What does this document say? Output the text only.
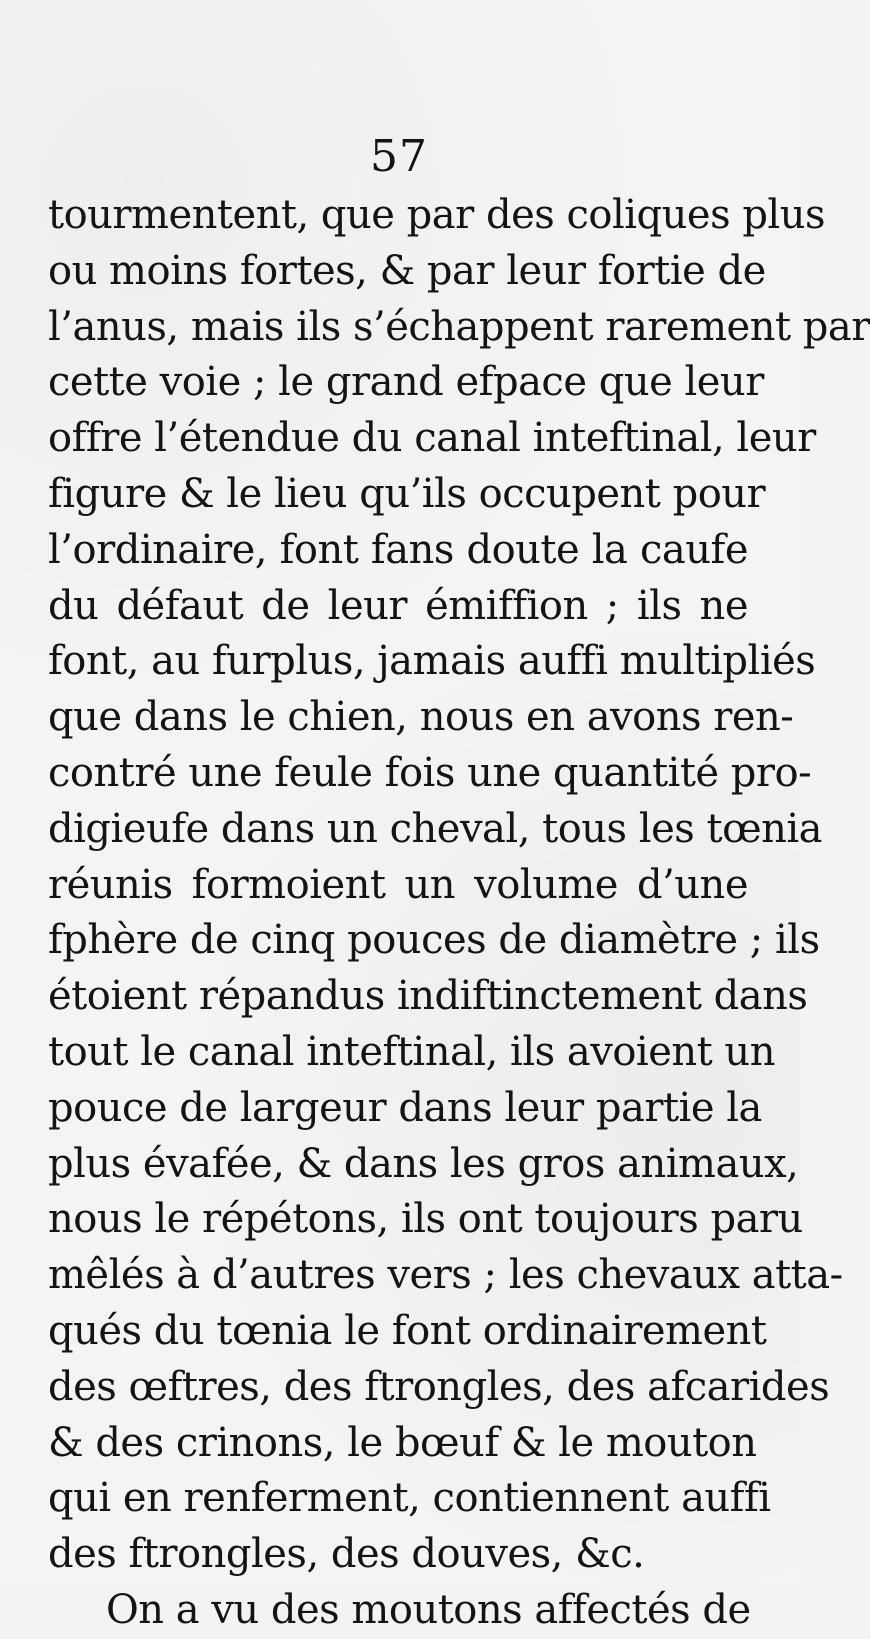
57
tourmentent, que par des coliques plus
ou moins fortes, & par leur fortie de
l’anus, mais ils s’échappent rarement par
cette voie ; le grand efpace que leur
offre l’étendue du canal inteftinal, leur
figure & le lieu qu’ils occupent pour
l’ordinaire, font fans doute la caufe
du défaut de leur émiffion ; ils ne
font, au furplus, jamais auffi multipliés
que dans le chien, nous en avons ren-
contré une feule fois une quantité pro-
digieufe dans un cheval, tous les tœnia
réunis formoient un volume d’une
fphère de cinq pouces de diamètre ; ils
étoient répandus indiftinctement dans
tout le canal inteftinal, ils avoient un
pouce de largeur dans leur partie la
plus évafée, & dans les gros animaux,
nous le répétons, ils ont toujours paru
mêlés à d’autres vers ; les chevaux atta-
qués du tœnia le font ordinairement
des œftres, des ftrongles, des afcarides
& des crinons, le bœuf & le mouton
qui en renferment, contiennent auffi
des ftrongles, des douves, &c.
On a vu des moutons affectés de
